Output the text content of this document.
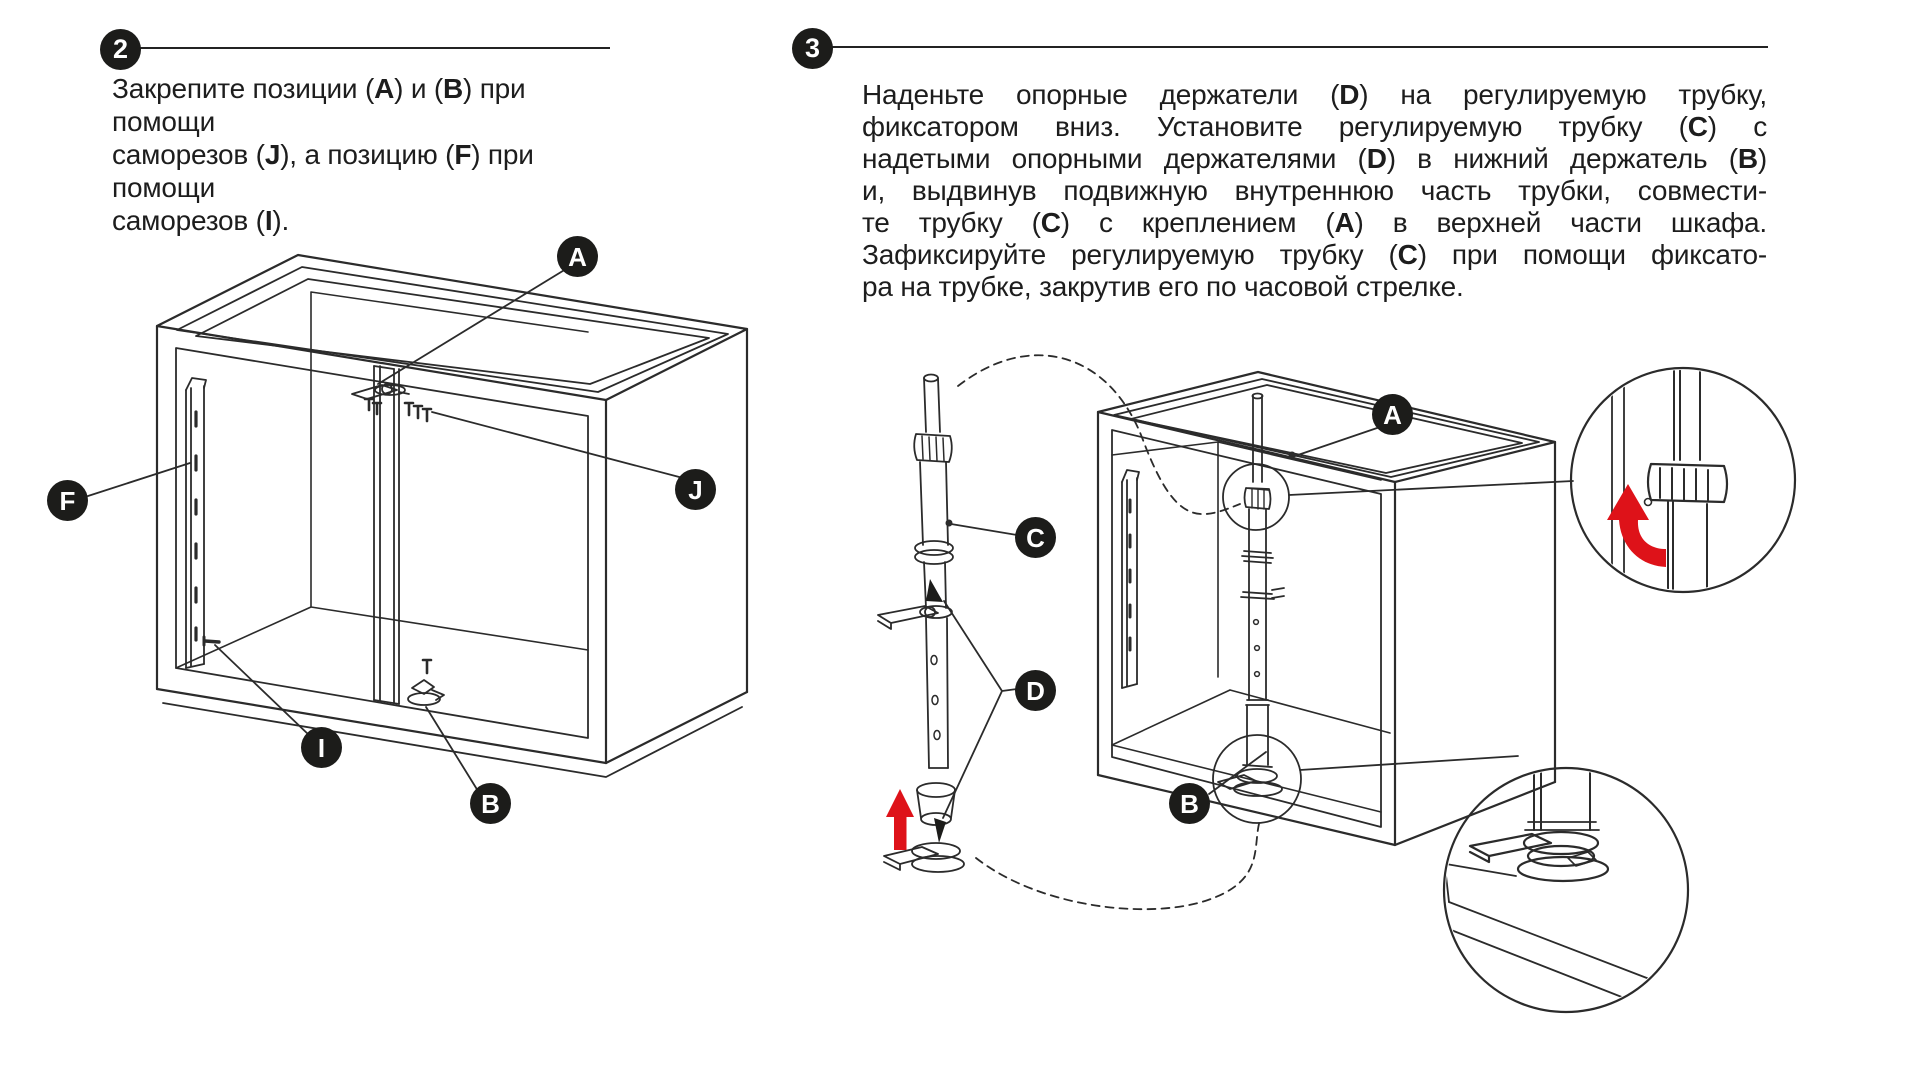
2	3
Закрепите позиции (A) и (B) при помощи
саморезов (J), а позицию (F) при помощи
саморезов (I).
Наденьте опорные держатели (D) на регулируемую трубку,
фиксатором вниз. Установите регулируемую трубку (C) с
надетыми опорными держателями (D) в нижний держатель (B)
и, выдвинув подвижную внутреннюю часть трубки, совмести-
те трубку (C) с креплением (A) в верхней части шкафа.
Зафиксируйте регулируемую трубку (C) при помощи фиксато-
ра на трубке, закрутив его по часовой стрелке.
A
J
F
I
B
C
D
A
B
